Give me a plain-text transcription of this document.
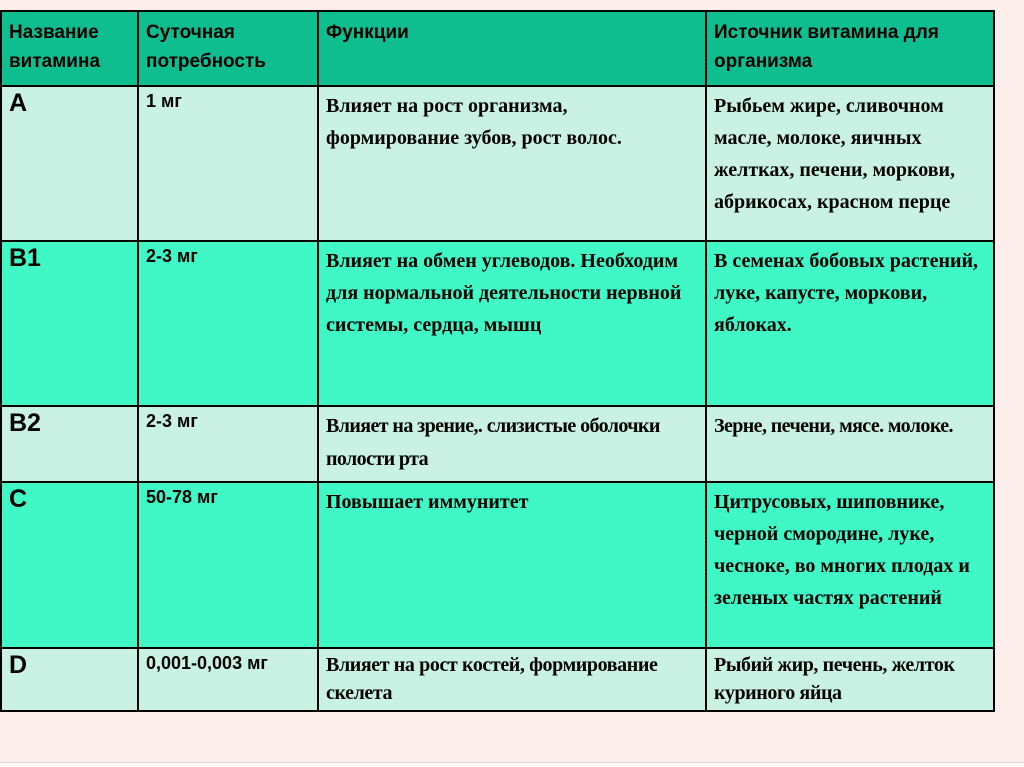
Название витамина	Суточная потребность	Функции	Источник витамина для организма
A	1 мг	Влияет на рост организма, формирование зубов, рост волос.	Рыбьем жире, сливочном масле, молоке, яичных желтках, печени, моркови, абрикосах, красном перце
B1	2-3 мг	Влияет на обмен углеводов. Необходим для нормальной деятельности нервной системы, сердца, мышц	В семенах бобовых растений, луке, капусте, моркови, яблоках.
B2	2-3 мг	Влияет на зрение,. слизистые оболочки полости рта	Зерне, печени, мясе. молоке.
C	50-78 мг	Повышает иммунитет	Цитрусовых, шиповнике, черной смородине, луке, чесноке, во многих плодах и зеленых частях растений
D	0,001-0,003 мг	Влияет на рост костей, формирование скелета	Рыбий жир, печень, желток куриного яйца
